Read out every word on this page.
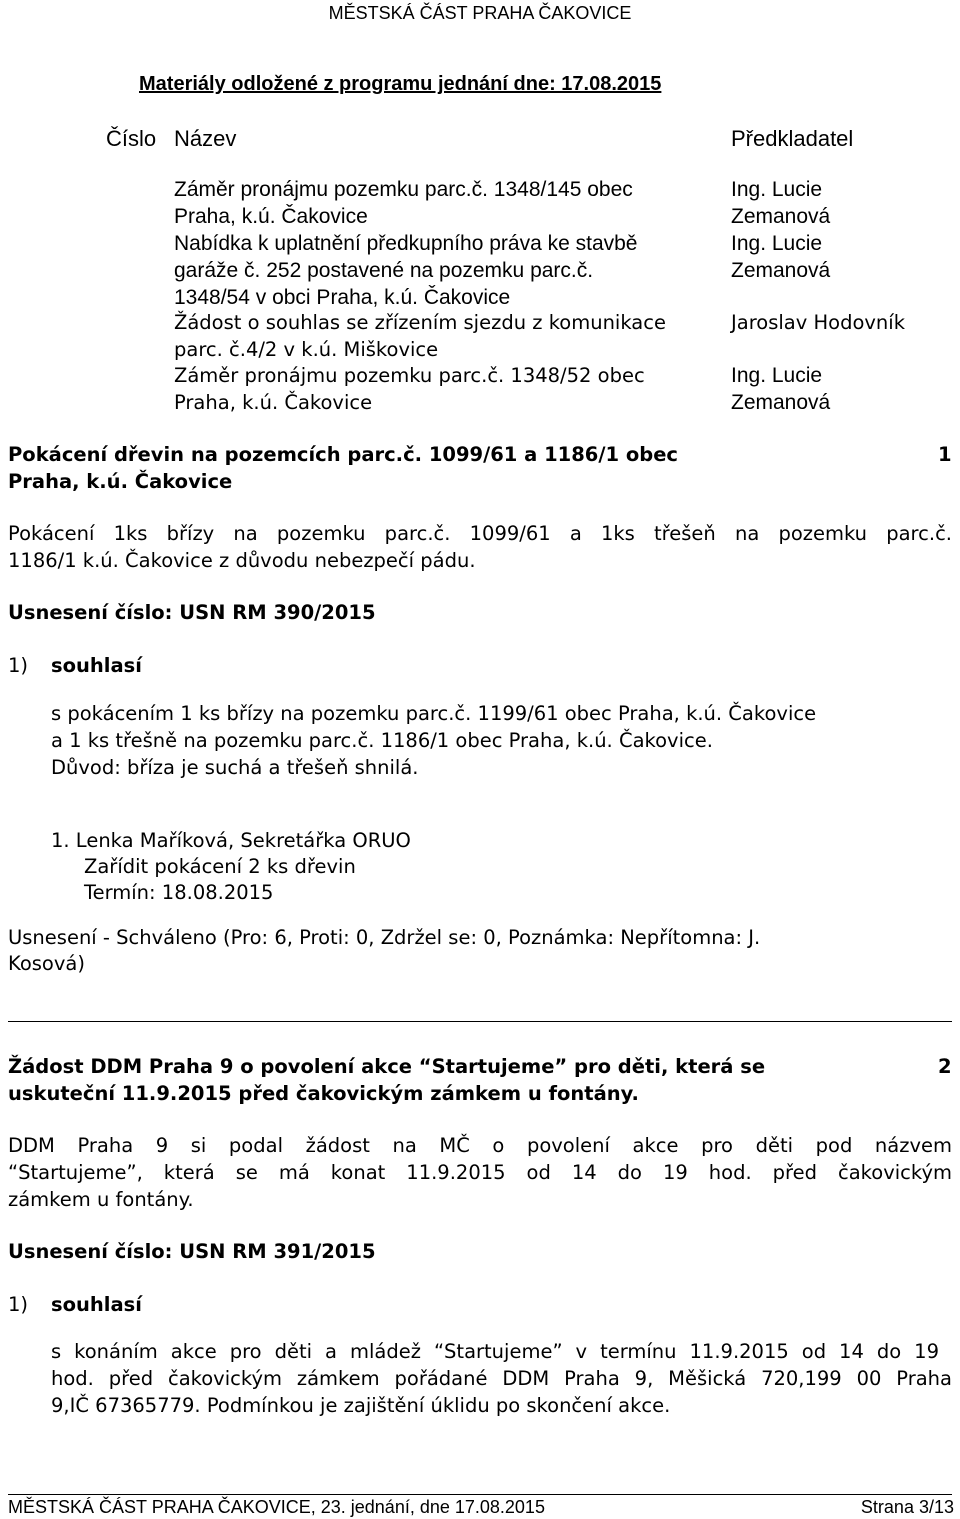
MĚSTSKÁ ČÁST PRAHA ČAKOVICE
Materiály odložené z programu jednání dne: 17.08.2015
Číslo Název	Předkladatel
Záměr pronájmu pozemku parc.č. 1348/145 obec
Praha, k.ú. Čakovice
Ing. Lucie
Zemanová
Nabídka k uplatnění předkupního práva ke stavbě
garáže č. 252 postavené na pozemku parc.č.
1348/54 v obci Praha, k.ú. Čakovice
Ing. Lucie
Zemanová
Žádost o souhlas se zřízením sjezdu z komunikace
parc. č.4/2 v k.ú. Miškovice
Jaroslav Hodovník
Záměr pronájmu pozemku parc.č. 1348/52 obec
Praha, k.ú. Čakovice
Ing. Lucie
Zemanová
Pokácení dřevin na pozemcích parc.č. 1099/61 a 1186/1 obec
Praha, k.ú. Čakovice
1
Pokácení 1ks břízy na pozemku parc.č. 1099/61 a 1ks třešeň na pozemku parc.č.
1186/1 k.ú. Čakovice z důvodu nebezpečí pádu.
Usnesení číslo: USN RM 390/2015
1) souhlasí
s pokácením 1 ks břízy na pozemku parc.č. 1199/61 obec Praha, k.ú. Čakovice
a 1 ks třešně na pozemku parc.č. 1186/1 obec Praha, k.ú. Čakovice.
Důvod: bříza je suchá a třešeň shnilá.
1. Lenka Maříková, Sekretářka ORUO
Zařídit pokácení 2 ks dřevin
Termín: 18.08.2015
Usnesení - Schváleno (Pro: 6, Proti: 0, Zdržel se: 0, Poznámka: Nepřítomna: J.
Kosová)
Žádost DDM Praha 9 o povolení akce “Startujeme” pro děti, která se
uskuteční 11.9.2015 před čakovickým zámkem u fontány.
2
DDM Praha 9 si podal žádost na MČ o povolení akce pro děti pod názvem
“Startujeme”, která se má konat 11.9.2015 od 14 do 19 hod. před čakovickým
zámkem u fontány.
Usnesení číslo: USN RM 391/2015
1) souhlasí
s konáním akce pro děti a mládež “Startujeme” v termínu 11.9.2015 od 14 do 19
hod. před čakovickým zámkem pořádané DDM Praha 9, Měšická 720,199 00 Praha
9,IČ 67365779. Podmínkou je zajištění úklidu po skončení akce.
MĚSTSKÁ ČÁST PRAHA ČAKOVICE, 23. jednání, dne 17.08.2015	Strana 3/13
